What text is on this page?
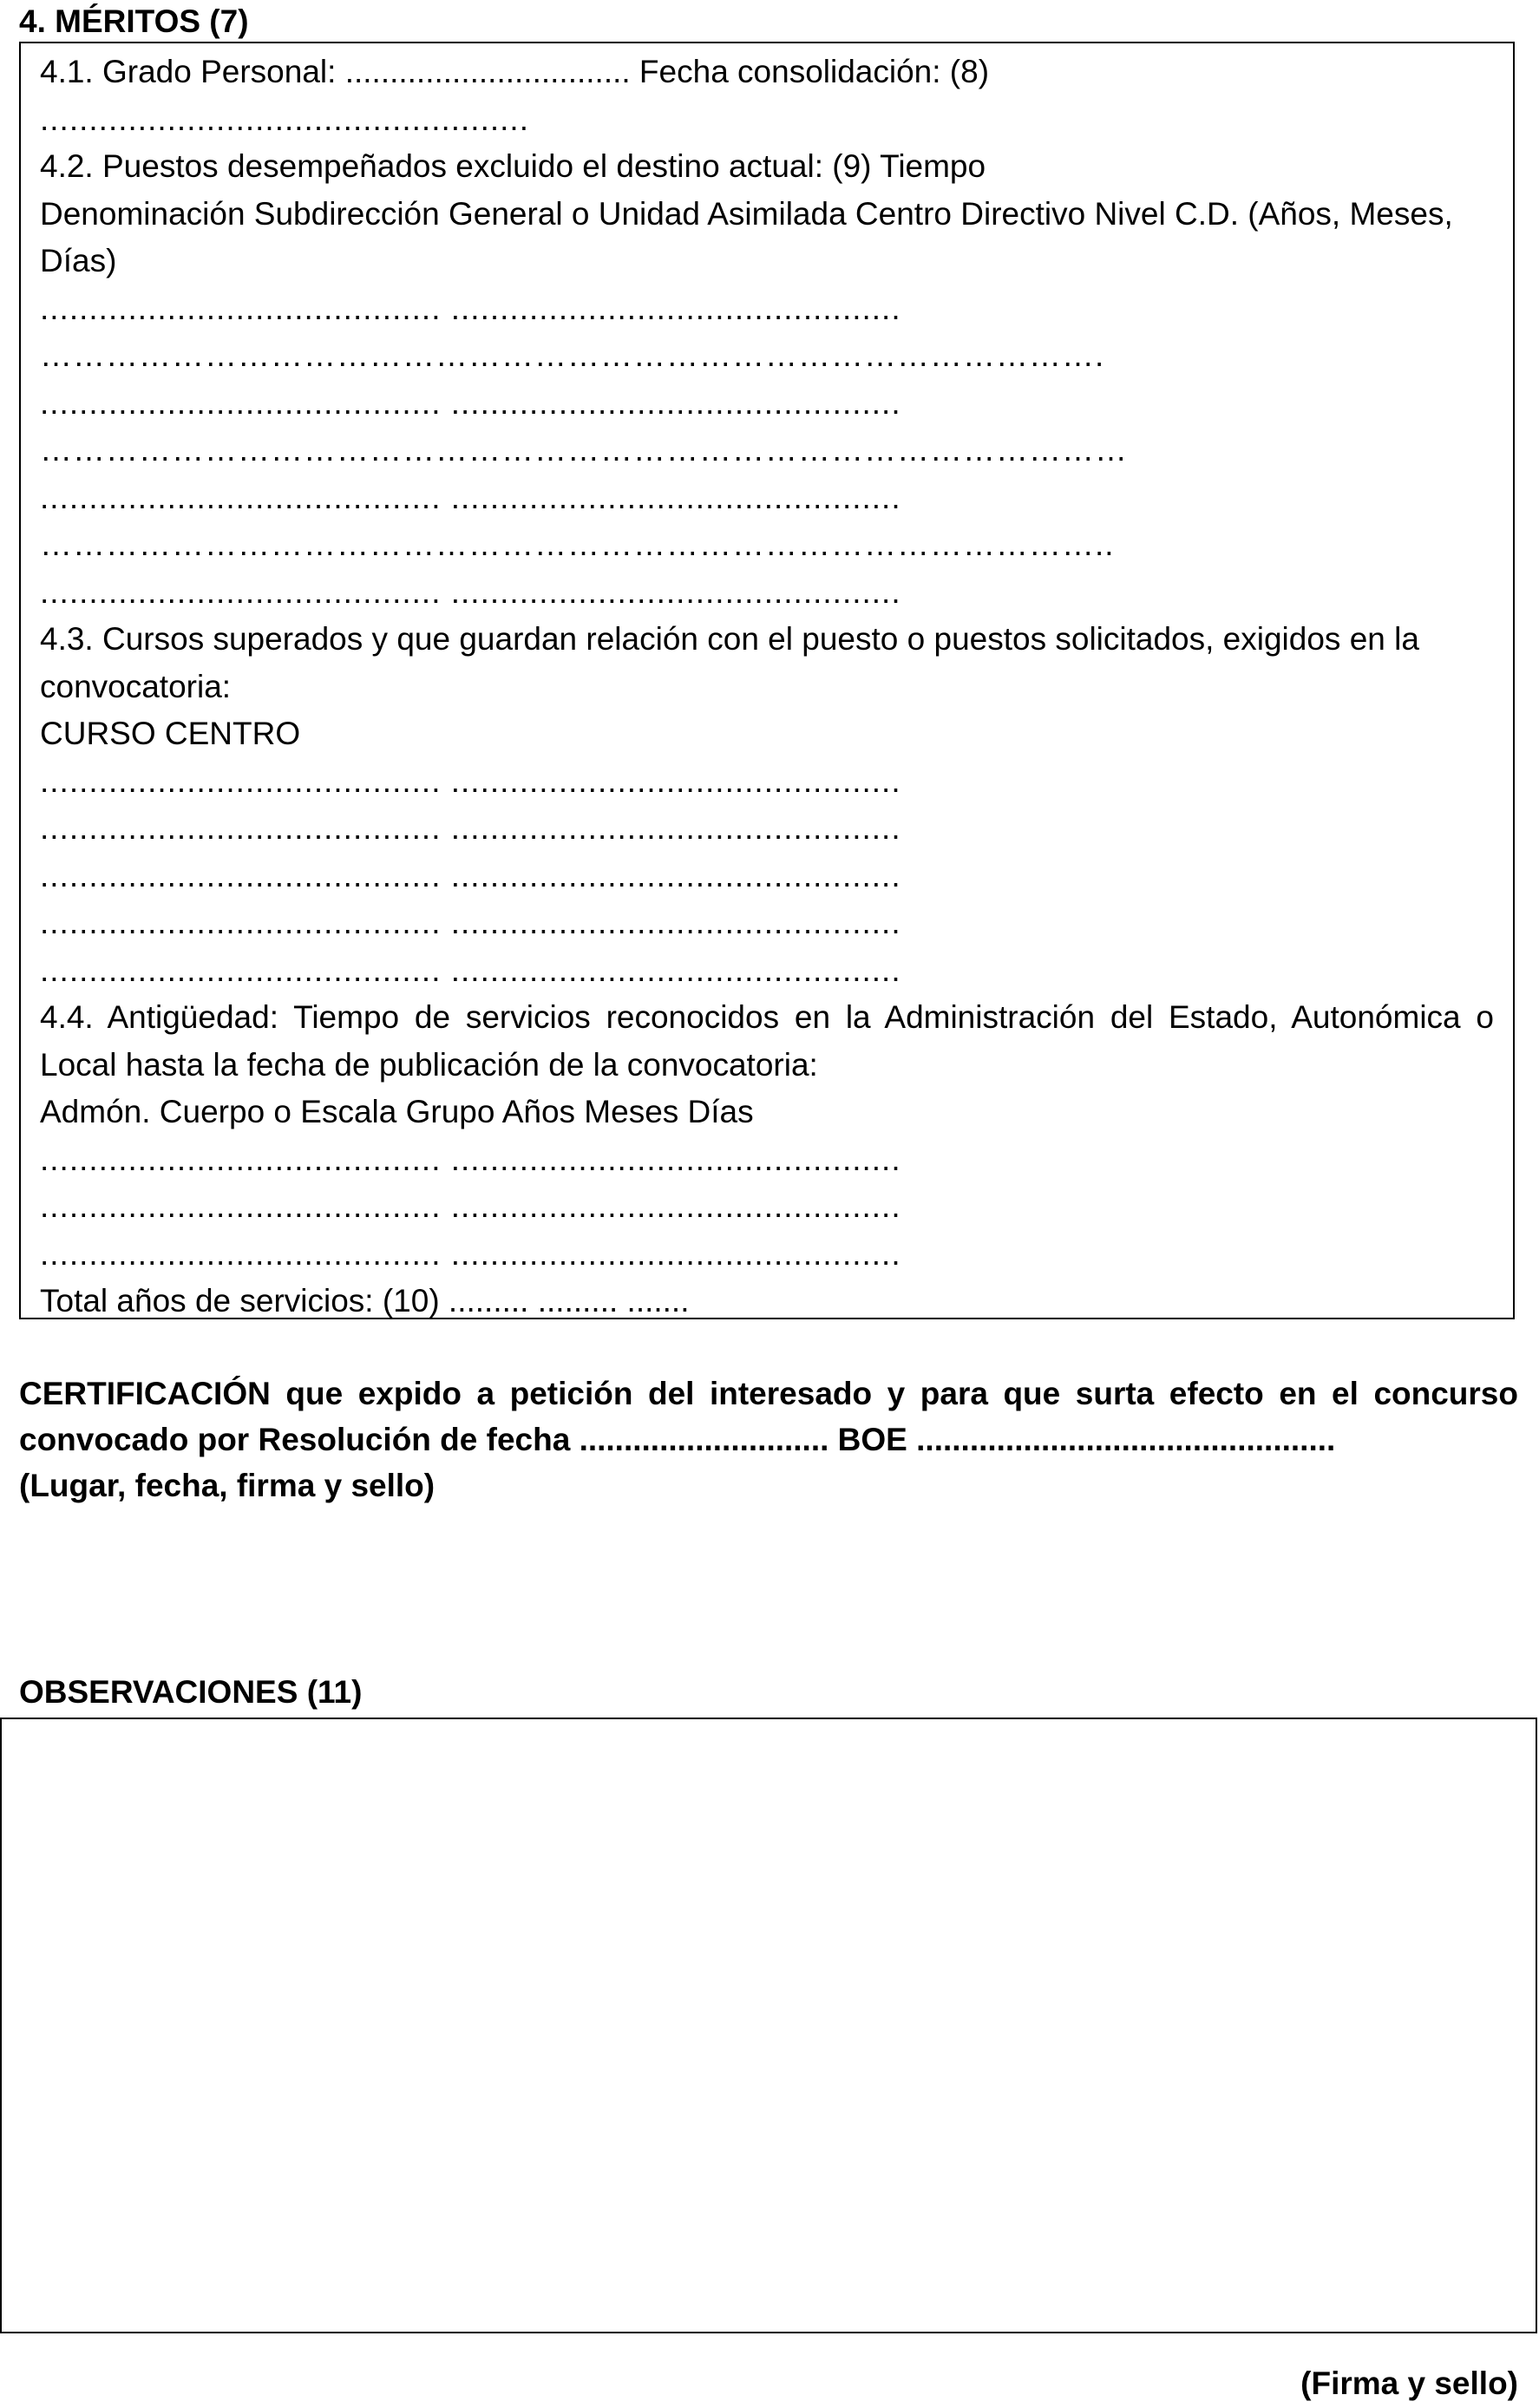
4. MÉRITOS (7)
4.1. Grado Personal: ................................ Fecha consolidación: (8)
..................................................
4.2. Puestos desempeñados excluido el destino actual: (9) Tiempo
Denominación Subdirección General o Unidad Asimilada Centro Directivo Nivel C.D. (Años, Meses, Días)
......................................... ..............................................
…………………………………………………………………………………….
......................................... ..............................................
………………………………………………………………………………………
......................................... ..............................................
……………………………………………………………………………………..
......................................... ..............................................
4.3. Cursos superados y que guardan relación con el puesto o puestos solicitados, exigidos en la convocatoria:
CURSO CENTRO
......................................... ..............................................
......................................... ..............................................
......................................... ..............................................
......................................... ..............................................
......................................... ..............................................
4.4. Antigüedad: Tiempo de servicios reconocidos en la Administración del Estado, Autonómica o Local hasta la fecha de publicación de la convocatoria:
Admón. Cuerpo o Escala Grupo Años Meses Días
......................................... ..............................................
......................................... ..............................................
......................................... ..............................................
Total años de servicios: (10) ......... ......... .......

CERTIFICACIÓN que expido a petición del interesado y para que surta efecto en el concurso convocado por Resolución de fecha ............................ BOE ...............................................

(Lugar, fecha, firma y sello)

OBSERVACIONES (11)
(Firma y sello)
